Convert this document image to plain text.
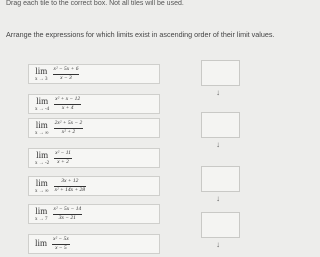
Drag each tile to the correct box. Not all tiles will be used.
Arrange the expressions for which limits exist in ascending order of their limit values.
lim
$x \to 3 \frac{\text{x² − 5x + 6}}{x - 3}$
lim
$x \to -4 \frac{\text{x² + x − 12}}{x + 4}$
lim
x → ∞ $\frac{\text{2x² + 5x − 2}}{\text{x² + 2}}$
lim
$x \to -2 \frac{\text{x² − 11}}{x + 2}$
lim
x → ∞ $\frac{3x + 12}{\text{x² + 14x + 28}}$
lim
$x \to 7 \frac{\text{x² − 5x − 14}}{3x - 21}$
$\lim \frac{\text{x² − 5x}}{x - 5}$
↓
↓
↓
↓
